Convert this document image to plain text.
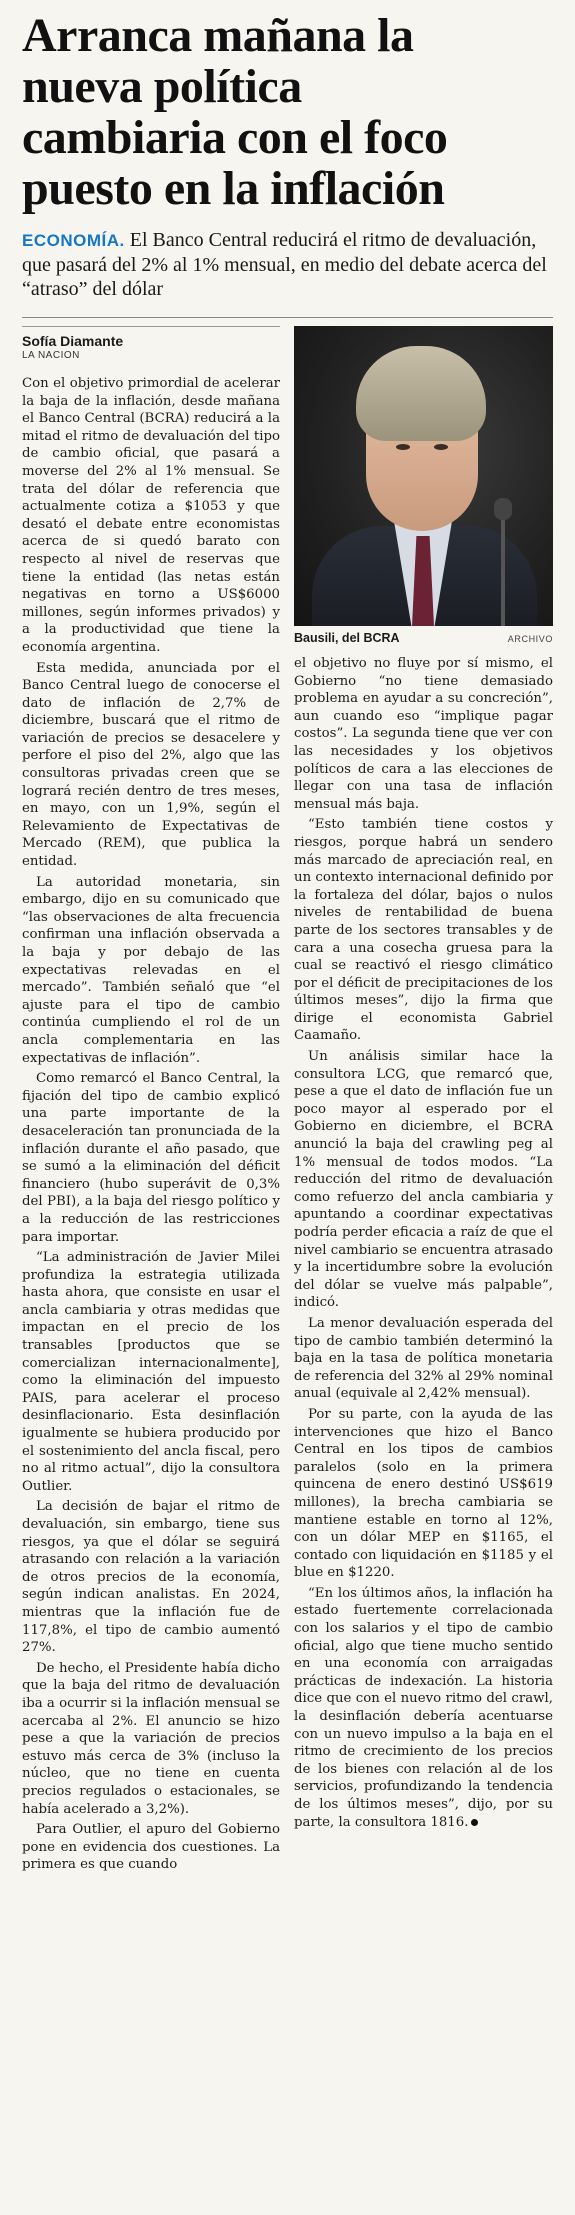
Arranca mañana la
nueva política
cambiaria con el foco
puesto en la inflación
ECONOMÍA. El Banco Central reducirá el ritmo de devaluación, que pasará del 2% al 1% mensual, en medio del debate acerca del “atraso” del dólar
Sofía Diamante
LA NACION

Con el objetivo primordial de acelerar la baja de la inflación, desde mañana el Banco Central (BCRA) reducirá a la mitad el ritmo de devaluación del tipo de cambio oficial, que pasará a moverse del 2% al 1% mensual. Se trata del dólar de referencia que actualmente cotiza a $1053 y que desató el debate entre economistas acerca de si quedó barato con respecto al nivel de reservas que tiene la entidad (las netas están negativas en torno a US$6000 millones, según informes privados) y a la productividad que tiene la economía argentina.

Esta medida, anunciada por el Banco Central luego de conocerse el dato de inflación de 2,7% de diciembre, buscará que el ritmo de variación de precios se desacelere y perfore el piso del 2%, algo que las consultoras privadas creen que se logrará recién dentro de tres meses, en mayo, con un 1,9%, según el Relevamiento de Expectativas de Mercado (REM), que publica la entidad.

La autoridad monetaria, sin embargo, dijo en su comunicado que “las observaciones de alta frecuencia confirman una inflación observada a la baja y por debajo de las expectativas relevadas en el mercado”. También señaló que “el ajuste para el tipo de cambio continúa cumpliendo el rol de un ancla complementaria en las expectativas de inflación”.

Como remarcó el Banco Central, la fijación del tipo de cambio explicó una parte importante de la desaceleración tan pronunciada de la inflación durante el año pasado, que se sumó a la eliminación del déficit financiero (hubo superávit de 0,3% del PBI), a la baja del riesgo político y a la reducción de las restricciones para importar.

“La administración de Javier Milei profundiza la estrategia utilizada hasta ahora, que consiste en usar el ancla cambiaria y otras medidas que impactan en el precio de los transables [productos que se comercializan internacionalmente], como la eliminación del impuesto PAIS, para acelerar el proceso desinflacionario. Esta desinflación igualmente se hubiera producido por el sostenimiento del ancla fiscal, pero no al ritmo actual”, dijo la consultora Outlier.

La decisión de bajar el ritmo de devaluación, sin embargo, tiene sus riesgos, ya que el dólar se seguirá atrasando con relación a la variación de otros precios de la economía, según indican analistas. En 2024, mientras que la inflación fue de 117,8%, el tipo de cambio aumentó 27%.

De hecho, el Presidente había dicho que la baja del ritmo de devaluación iba a ocurrir si la inflación mensual se acercaba al 2%. El anuncio se hizo pese a que la variación de precios estuvo más cerca de 3% (incluso la núcleo, que no tiene en cuenta precios regulados o estacionales, se había acelerado a 3,2%).

Para Outlier, el apuro del Gobierno pone en evidencia dos cuestiones. La primera es que cuando

Bausili, del BCRA	ARCHIVO

el objetivo no fluye por sí mismo, el Gobierno “no tiene demasiado problema en ayudar a su concreción”, aun cuando eso “implique pagar costos”. La segunda tiene que ver con las necesidades y los objetivos políticos de cara a las elecciones de llegar con una tasa de inflación mensual más baja.

“Esto también tiene costos y riesgos, porque habrá un sendero más marcado de apreciación real, en un contexto internacional definido por la fortaleza del dólar, bajos o nulos niveles de rentabilidad de buena parte de los sectores transables y de cara a una cosecha gruesa para la cual se reactivó el riesgo climático por el déficit de precipitaciones de los últimos meses”, dijo la firma que dirige el economista Gabriel Caamaño.

Un análisis similar hace la consultora LCG, que remarcó que, pese a que el dato de inflación fue un poco mayor al esperado por el Gobierno en diciembre, el BCRA anunció la baja del crawling peg al 1% mensual de todos modos. “La reducción del ritmo de devaluación como refuerzo del ancla cambiaria y apuntando a coordinar expectativas podría perder eficacia a raíz de que el nivel cambiario se encuentra atrasado y la incertidumbre sobre la evolución del dólar se vuelve más palpable”, indicó.

La menor devaluación esperada del tipo de cambio también determinó la baja en la tasa de política monetaria de referencia del 32% al 29% nominal anual (equivale al 2,42% mensual).

Por su parte, con la ayuda de las intervenciones que hizo el Banco Central en los tipos de cambios paralelos (solo en la primera quincena de enero destinó US$619 millones), la brecha cambiaria se mantiene estable en torno al 12%, con un dólar MEP en $1165, el contado con liquidación en $1185 y el blue en $1220.

“En los últimos años, la inflación ha estado fuertemente correlacionada con los salarios y el tipo de cambio oficial, algo que tiene mucho sentido en una economía con arraigadas prácticas de indexación. La historia dice que con el nuevo ritmo del crawl, la desinflación debería acentuarse con un nuevo impulso a la baja en el ritmo de crecimiento de los precios de los bienes con relación al de los servicios, profundizando la tendencia de los últimos meses”, dijo, por su parte, la consultora 1816.
